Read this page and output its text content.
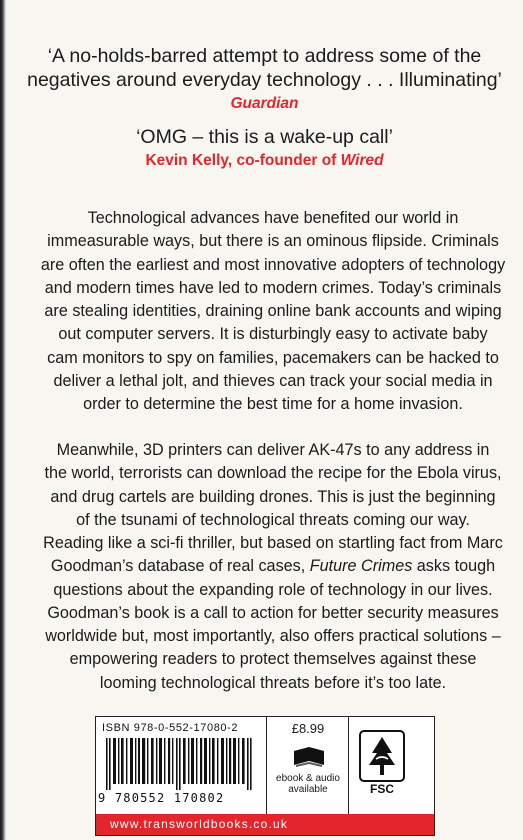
‘A no-holds-barred attempt to address some of the
negatives around everyday technology . . . Illuminating’
Guardian
‘OMG – this is a wake-up call’
Kevin Kelly, co-founder of Wired
Technological advances have benefited our world in
immeasurable ways, but there is an ominous flipside. Criminals
are often the earliest and most innovative adopters of technology
and modern times have led to modern crimes. Today’s criminals
are stealing identities, draining online bank accounts and wiping
out computer servers. It is disturbingly easy to activate baby
cam monitors to spy on families, pacemakers can be hacked to
deliver a lethal jolt, and thieves can track your social media in
order to determine the best time for a home invasion.
Meanwhile, 3D printers can deliver AK-47s to any address in
the world, terrorists can download the recipe for the Ebola virus,
and drug cartels are building drones. This is just the beginning
of the tsunami of technological threats coming our way.
Reading like a sci-fi thriller, but based on startling fact from Marc
Goodman’s database of real cases, Future Crimes asks tough
questions about the expanding role of technology in our lives.
Goodman’s book is a call to action for better security measures
worldwide but, most importantly, also offers practical solutions –
empowering readers to protect themselves against these
looming technological threats before it’s too late.
ISBN 978-0-552-17080-2
9 780552 170802
£8.99
ebook & audio
available	FSC
www.transworldbooks.co.uk
